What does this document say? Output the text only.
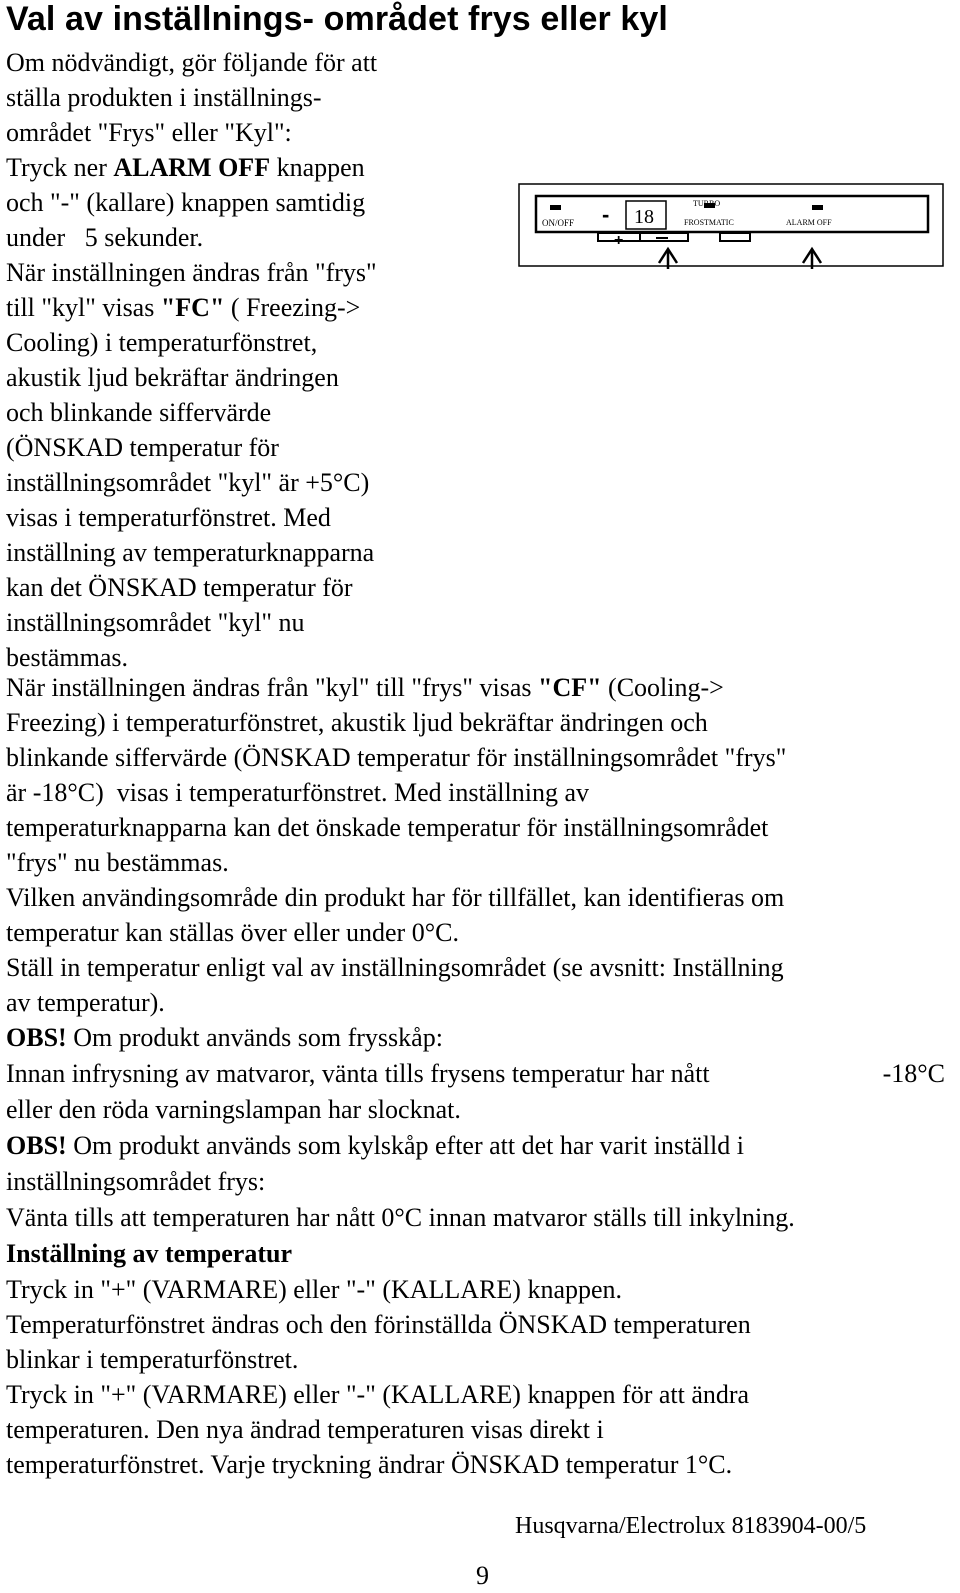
Val av inställnings- området frys eller kyl
Om nödvändigt, gör följande för att
ställa produkten i inställnings-
området "Frys" eller "Kyl":
Tryck ner ALARM OFF knappen
och "-" (kallare) knappen samtidig
under   5 sekunder.
När inställningen ändras från "frys"
till "kyl" visas "FC" ( Freezing->
Cooling) i temperaturfönstret,
akustik ljud bekräftar ändringen
och blinkande siffervärde
(ÖNSKAD temperatur för
inställningsområdet "kyl" är +5°C)
visas i temperaturfönstret. Med
inställning av temperaturknapparna
kan det ÖNSKAD temperatur för
inställningsområdet "kyl" nu
bestämmas.
När inställningen ändras från "kyl" till "frys" visas "CF" (Cooling->
Freezing) i temperaturfönstret, akustik ljud bekräftar ändringen och
blinkande siffervärde (ÖNSKAD temperatur för inställningsområdet "frys"
är -18°C)  visas i temperaturfönstret. Med inställning av
temperaturknapparna kan det önskade temperatur för inställningsområdet
"frys" nu bestämmas.
Vilken användingsområde din produkt har för tillfället, kan identifieras om
temperatur kan ställas över eller under 0°C.
Ställ in temperatur enligt val av inställningsområdet (se avsnitt: Inställning
av temperatur).
OBS! Om produkt används som frysskåp:
Innan infrysning av matvaror, vänta tills frysens temperatur har nått	-18°C
eller den röda varningslampan har slocknat.
OBS! Om produkt används som kylskåp efter att det har varit inställd i
inställningsområdet frys:
Vänta tills att temperaturen har nått 0°C innan matvaror ställs till inkylning.
Inställning av temperatur
Tryck in "+" (VARMARE) eller "-" (KALLARE) knappen.
Temperaturfönstret ändras och den förinställda ÖNSKAD temperaturen
blinkar i temperaturfönstret.
Tryck in "+" (VARMARE) eller "-" (KALLARE) knappen för att ändra
temperaturen. Den nya ändrad temperaturen visas direkt i
temperaturfönstret. Varje tryckning ändrar ÖNSKAD temperatur 1°C.
Husqvarna/Electrolux 8183904-00/5
9
ON/OFF - 18
TURBO
FROSTMATIC	ALARM OFF
+
